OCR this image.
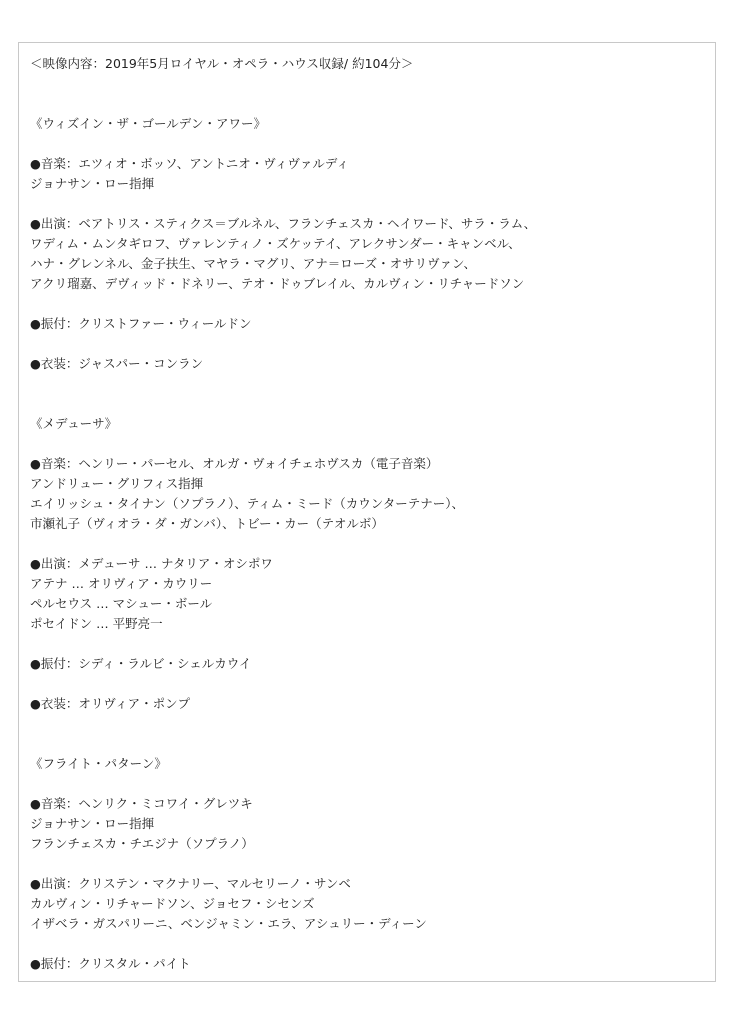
＜映像内容：2019年5月ロイヤル・オペラ・ハウス収録/ 約104分＞
《ウィズイン・ザ・ゴールデン・アワー》
●音楽：エツィオ・ボッソ、アントニオ・ヴィヴァルディ
ジョナサン・ロー指揮
●出演：ベアトリス・スティクス＝ブルネル、フランチェスカ・ヘイワード、サラ・ラム、
ワディム・ムンタギロフ、ヴァレンティノ・ズケッテイ、アレクサンダー・キャンベル、
ハナ・グレンネル、金子扶生、マヤラ・マグリ、アナ＝ローズ・オサリヴァン、
アクリ瑠嘉、デヴィッド・ドネリー、テオ・ドゥブレイル、カルヴィン・リチャードソン
●振付：クリストファー・ウィールドン
●衣装：ジャスパー・コンラン
《メデューサ》
●音楽：ヘンリー・パーセル、オルガ・ヴォイチェホヴスカ（電子音楽）
アンドリュー・グリフィス指揮
エイリッシュ・タイナン（ソプラノ）、ティム・ミード（カウンターテナー）、
市瀬礼子（ヴィオラ・ダ・ガンバ）、トビー・カー（テオルボ）
●出演：メデューサ … ナタリア・オシポワ
アテナ … オリヴィア・カウリー
ペルセウス … マシュー・ボール
ポセイドン … 平野亮一
●振付：シディ・ラルビ・シェルカウイ
●衣装：オリヴィア・ポンプ
《フライト・パターン》
●音楽：ヘンリク・ミコワイ・グレツキ
ジョナサン・ロー指揮
フランチェスカ・チエジナ（ソプラノ）
●出演：クリステン・マクナリー、マルセリーノ・サンベ
カルヴィン・リチャードソン、ジョセフ・シセンズ
イザベラ・ガスパリーニ、ベンジャミン・エラ、アシュリー・ディーン
●振付：クリスタル・パイト
